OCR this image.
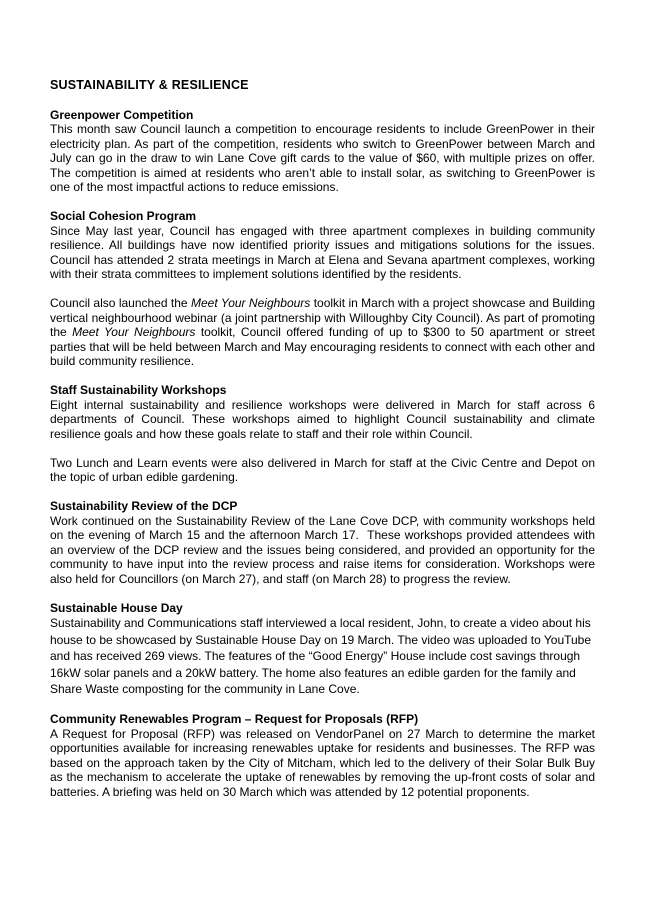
SUSTAINABILITY & RESILIENCE
Greenpower Competition

This month saw Council launch a competition to encourage residents to include GreenPower in their electricity plan. As part of the competition, residents who switch to GreenPower between March and July can go in the draw to win Lane Cove gift cards to the value of $60, with multiple prizes on offer. The competition is aimed at residents who aren’t able to install solar, as switching to GreenPower is one of the most impactful actions to reduce emissions.

Social Cohesion Program

Since May last year, Council has engaged with three apartment complexes in building community resilience. All buildings have now identified priority issues and mitigations solutions for the issues. Council has attended 2 strata meetings in March at Elena and Sevana apartment complexes, working with their strata committees to implement solutions identified by the residents.

Council also launched the Meet Your Neighbours toolkit in March with a project showcase and Building vertical neighbourhood webinar (a joint partnership with Willoughby City Council). As part of promoting the Meet Your Neighbours toolkit, Council offered funding of up to $300 to 50 apartment or street parties that will be held between March and May encouraging residents to connect with each other and build community resilience.

Staff Sustainability Workshops

Eight internal sustainability and resilience workshops were delivered in March for staff across 6 departments of Council. These workshops aimed to highlight Council sustainability and climate resilience goals and how these goals relate to staff and their role within Council.

Two Lunch and Learn events were also delivered in March for staff at the Civic Centre and Depot on the topic of urban edible gardening.

Sustainability Review of the DCP

Work continued on the Sustainability Review of the Lane Cove DCP, with community workshops held on the evening of March 15 and the afternoon March 17.  These workshops provided attendees with an overview of the DCP review and the issues being considered, and provided an opportunity for the community to have input into the review process and raise items for consideration. Workshops were also held for Councillors (on March 27), and staff (on March 28) to progress the review.

Sustainable House Day

Sustainability and Communications staff interviewed a local resident, John, to create a video about his house to be showcased by Sustainable House Day on 19 March. The video was uploaded to YouTube and has received 269 views. The features of the “Good Energy” House include cost savings through 16kW solar panels and a 20kW battery. The home also features an edible garden for the family and Share Waste composting for the community in Lane Cove.

Community Renewables Program – Request for Proposals (RFP)

A Request for Proposal (RFP) was released on VendorPanel on 27 March to determine the market opportunities available for increasing renewables uptake for residents and businesses. The RFP was based on the approach taken by the City of Mitcham, which led to the delivery of their Solar Bulk Buy as the mechanism to accelerate the uptake of renewables by removing the up-front costs of solar and batteries. A briefing was held on 30 March which was attended by 12 potential proponents.
